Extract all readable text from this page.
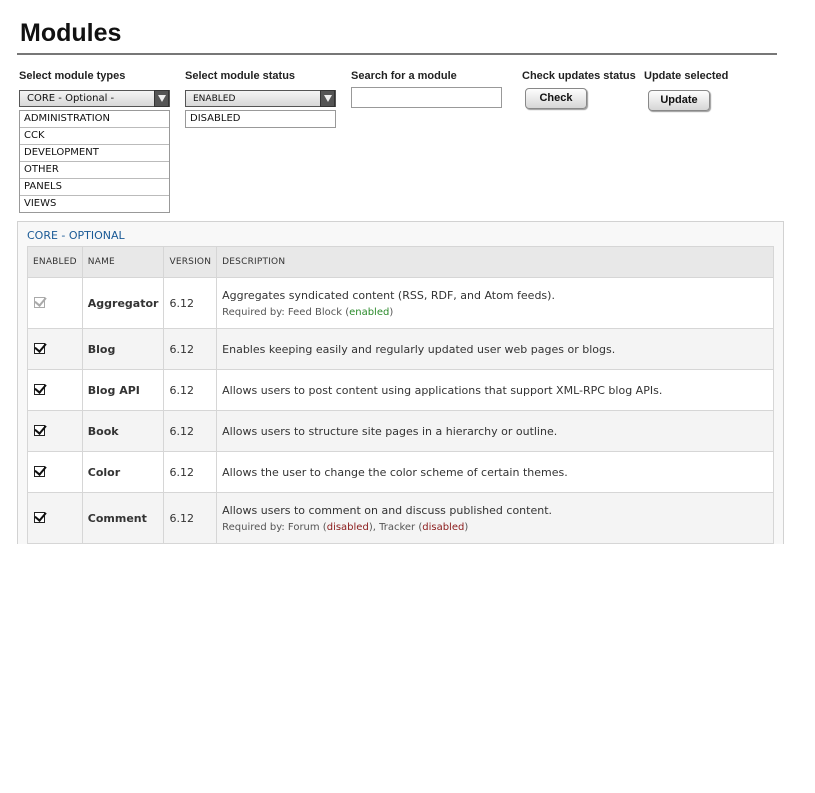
Modules
Select module types
CORE - Optional -
ADMINISTRATION
CCK
DEVELOPMENT
OTHER
PANELS
VIEWS
Select module status
ENABLED
DISABLED
Search for a module	Check updates status
Check
Update selected
Update
CORE - OPTIONAL
ENABLED	NAME	VERSION	DESCRIPTION
	Aggregator	6.12	Aggregates syndicated content (RSS, RDF, and Atom feeds).
Required by: Feed Block (enabled)

	Blog	6.12	Enables keeping easily and regularly updated user web pages or blogs.
	Blog API	6.12	Allows users to post content using applications that support XML-RPC blog APIs.
	Book	6.12	Allows users to structure site pages in a hierarchy or outline.
	Color	6.12	Allows the user to change the color scheme of certain themes.
	Comment	6.12	Allows users to comment on and discuss published content.
Required by: Forum (disabled), Tracker (disabled)
